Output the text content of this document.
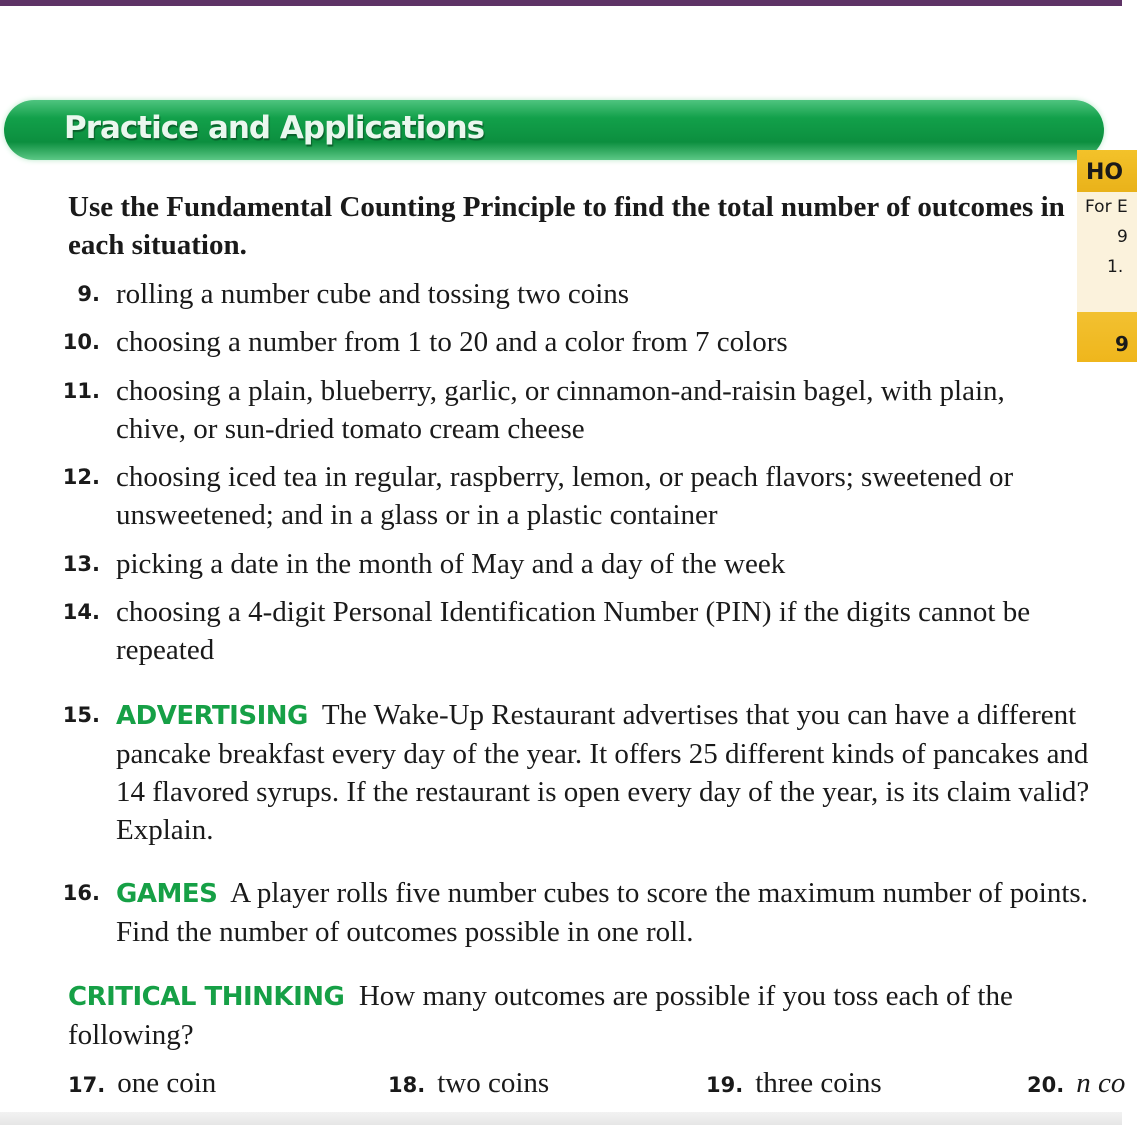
Practice and Applications
HO
For E
9
1.
9
Use the Fundamental Counting Principle to find the total number of outcomes in each situation.
9. rolling a number cube and tossing two coins
10. choosing a number from 1 to 20 and a color from 7 colors
11. choosing a plain, blueberry, garlic, or cinnamon-and-raisin bagel, with plain, chive, or sun-dried tomato cream cheese
12. choosing iced tea in regular, raspberry, lemon, or peach flavors; sweetened or unsweetened; and in a glass or in a plastic container
13. picking a date in the month of May and a day of the week
14. choosing a 4-digit Personal Identification Number (PIN) if the digits cannot be repeated
15. ADVERTISING The Wake-Up Restaurant advertises that you can have a different pancake breakfast every day of the year. It offers 25 different kinds of pancakes and 14 flavored syrups. If the restaurant is open every day of the year, is its claim valid? Explain.
16. GAMES A player rolls five number cubes to score the maximum number of points. Find the number of outcomes possible in one roll.
CRITICAL THINKING How many outcomes are possible if you toss each of the following?
17. one coin	18. two coins	19. three coins	20. n co
